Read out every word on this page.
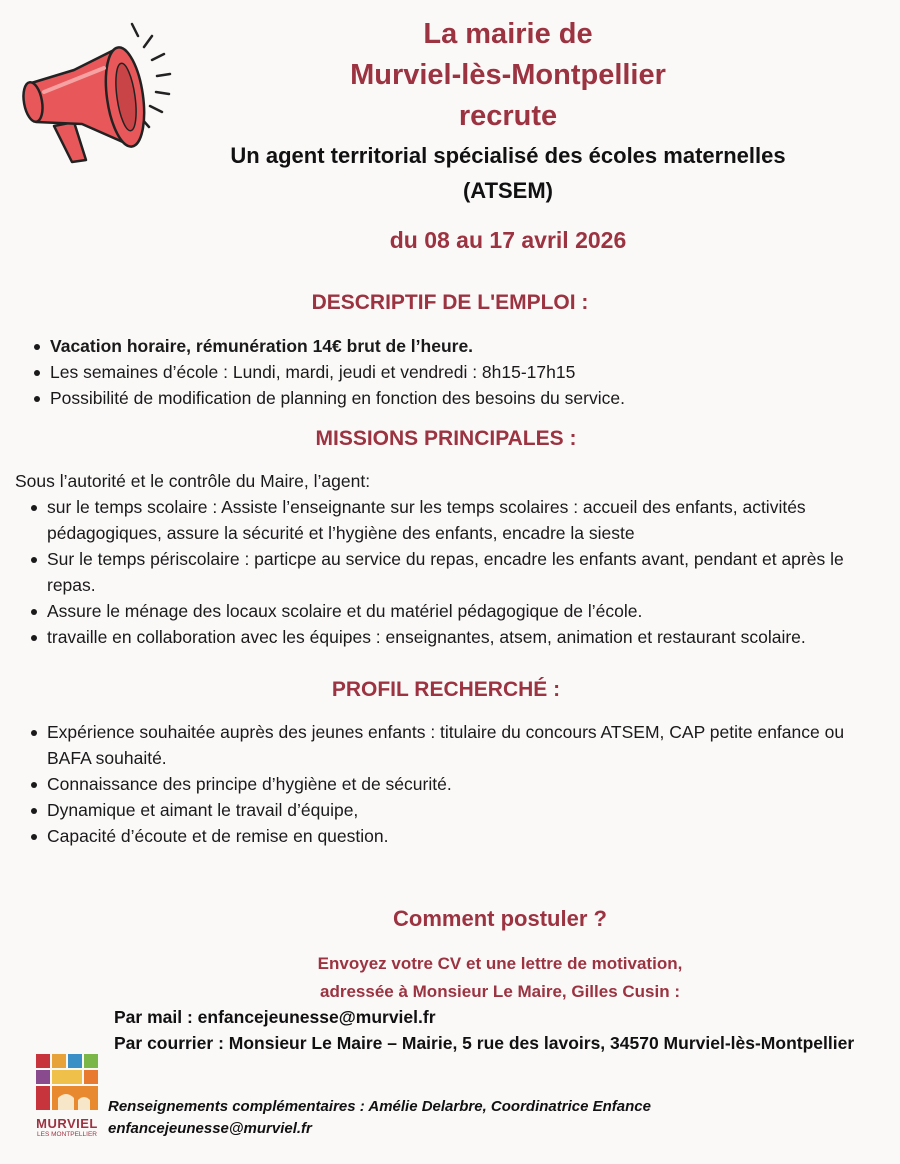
La mairie de
Murviel-lès-Montpellier
recrute
Un agent territorial spécialisé des écoles maternelles
(ATSEM)
du 08 au 17 avril 2026
DESCRIPTIF DE L'EMPLOI :
Vacation horaire, rémunération 14€ brut de l’heure.
Les semaines d’école : Lundi, mardi, jeudi et vendredi : 8h15-17h15
Possibilité de modification de planning en fonction des besoins du service.
MISSIONS PRINCIPALES :
Sous l’autorité et le contrôle du Maire, l’agent:
sur le temps scolaire : Assiste l’enseignante sur les temps scolaires : accueil des enfants, activités pédagogiques, assure la sécurité et l’hygiène des enfants, encadre la sieste
Sur le temps périscolaire : particpe au service du repas, encadre les enfants avant, pendant et après le repas.
Assure le ménage des locaux scolaire et du matériel pédagogique de l’école.
travaille en collaboration avec les équipes : enseignantes, atsem, animation et restaurant scolaire.
PROFIL RECHERCHÉ :
Expérience souhaitée auprès des jeunes enfants : titulaire du concours ATSEM, CAP petite enfance ou BAFA souhaité.
Connaissance des principe d’hygiène et de sécurité.
Dynamique et aimant le travail d’équipe,
Capacité d’écoute et de remise en question.
Comment postuler ?
Envoyez votre CV et une lettre de motivation,
adressée à Monsieur Le Maire, Gilles Cusin :
Par mail : enfancejeunesse@murviel.fr
Par courrier : Monsieur Le Maire – Mairie, 5 rue des lavoirs, 34570 Murviel-lès-Montpellier
MURVIEL
LES MONTPELLIER
Renseignements complémentaires : Amélie Delarbre, Coordinatrice Enfance
enfancejeunesse@murviel.fr
